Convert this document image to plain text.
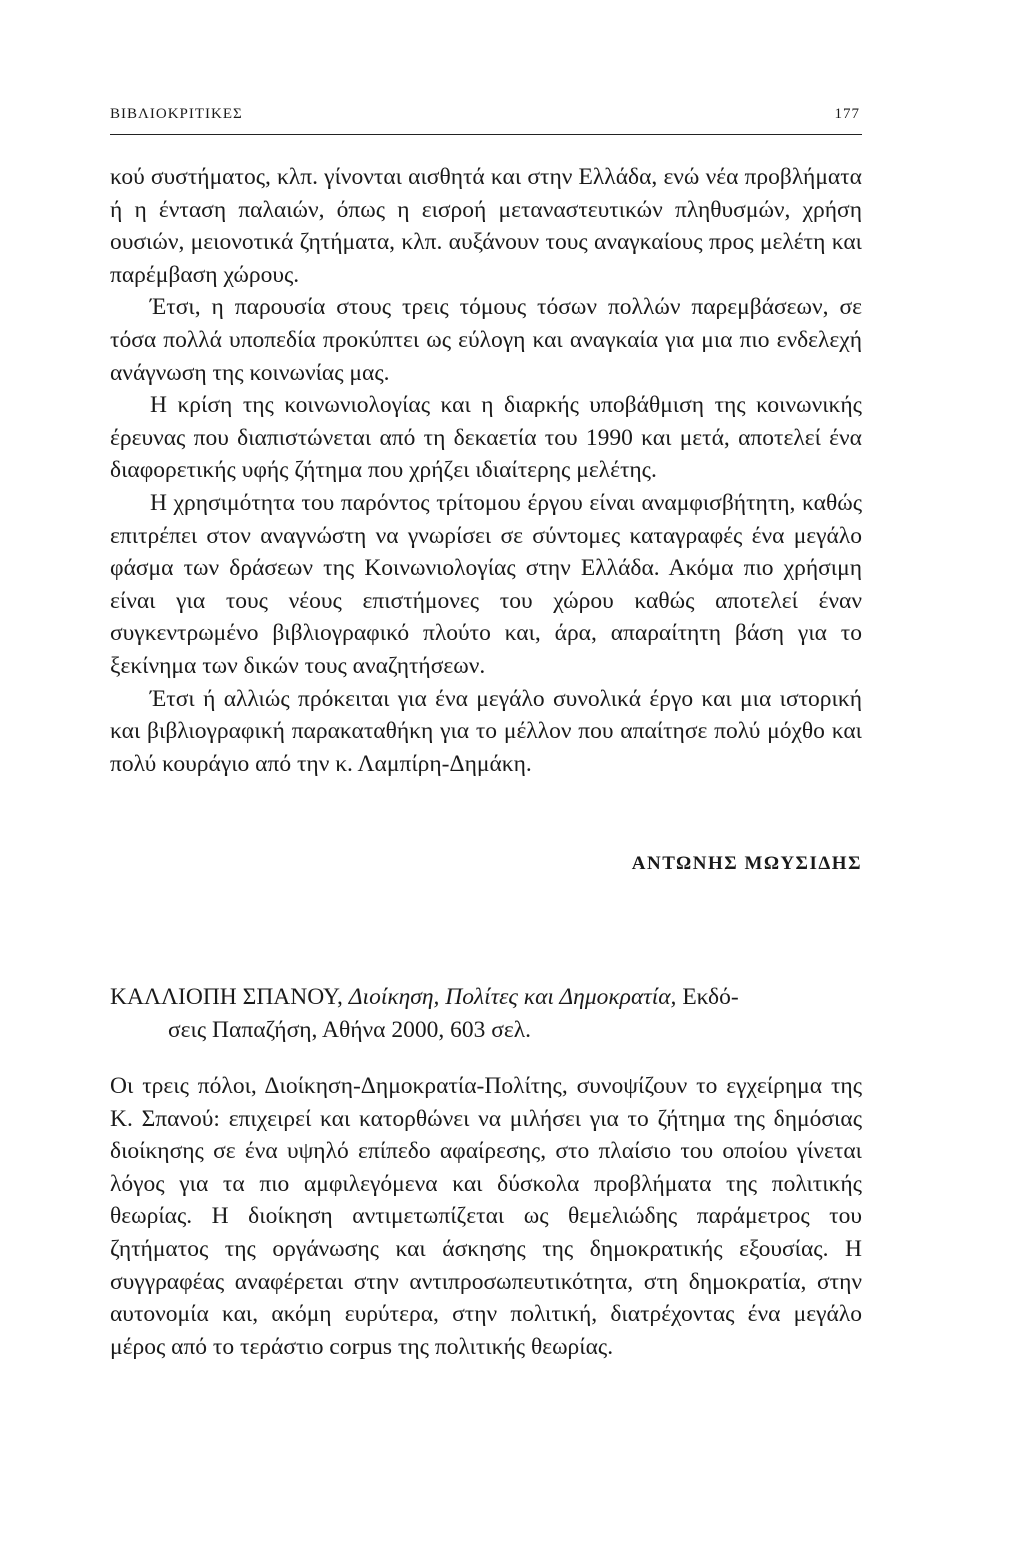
ΒΙΒΛΙΟΚΡΙΤΙΚΕΣ	177

κού συστήματος, κλπ. γίνονται αισθητά και στην Ελλάδα, ενώ νέα προβλήματα ή η ένταση παλαιών, όπως η εισροή μεταναστευτικών πληθυσμών, χρήση ουσιών, μειονοτικά ζητήματα, κλπ. αυξάνουν τους αναγκαίους προς μελέτη και παρέμβαση χώρους.

Έτσι, η παρουσία στους τρεις τόμους τόσων πολλών παρεμβάσεων, σε τόσα πολλά υποπεδία προκύπτει ως εύλογη και αναγκαία για μια πιο ενδελεχή ανάγνωση της κοινωνίας μας.

Η κρίση της κοινωνιολογίας και η διαρκής υποβάθμιση της κοινωνικής έρευνας που διαπιστώνεται από τη δεκαετία του 1990 και μετά, αποτελεί ένα διαφορετικής υφής ζήτημα που χρήζει ιδιαίτερης μελέτης.

Η χρησιμότητα του παρόντος τρίτομου έργου είναι αναμφισβήτητη, καθώς επιτρέπει στον αναγνώστη να γνωρίσει σε σύντομες καταγραφές ένα μεγάλο φάσμα των δράσεων της Κοινωνιολογίας στην Ελλάδα. Ακόμα πιο χρήσιμη είναι για τους νέους επιστήμονες του χώρου καθώς αποτελεί έναν συγκεντρωμένο βιβλιογραφικό πλούτο και, άρα, απαραίτητη βάση για το ξεκίνημα των δικών τους αναζητήσεων.

Έτσι ή αλλιώς πρόκειται για ένα μεγάλο συνολικά έργο και μια ιστορική και βιβλιογραφική παρακαταθήκη για το μέλλον που απαίτησε πολύ μόχθο και πολύ κουράγιο από την κ. Λαμπίρη-Δημάκη.

ΑΝΤΩΝΗΣ ΜΩΥΣΙΔΗΣ
ΚΑΛΛΙΟΠΗ ΣΠΑΝΟΥ, Διοίκηση, Πολίτες και Δημοκρατία, Εκδό-
σεις Παπαζήση, Αθήνα 2000, 603 σελ.

Οι τρεις πόλοι, Διοίκηση-Δημοκρατία-Πολίτης, συνοψίζουν το εγχείρημα της Κ. Σπανού: επιχειρεί και κατορθώνει να μιλήσει για το ζήτημα της δημόσιας διοίκησης σε ένα υψηλό επίπεδο αφαίρεσης, στο πλαίσιο του οποίου γίνεται λόγος για τα πιο αμφιλεγόμενα και δύσκολα προβλήματα της πολιτικής θεωρίας. Η διοίκηση αντιμετωπίζεται ως θεμελιώδης παράμετρος του ζητήματος της οργάνωσης και άσκησης της δημοκρατικής εξουσίας. Η συγγραφέας αναφέρεται στην αντιπροσωπευτικότητα, στη δημοκρατία, στην αυτονομία και, ακόμη ευρύτερα, στην πολιτική, διατρέχοντας ένα μεγάλο μέρος από το τεράστιο corpus της πολιτικής θεωρίας.
